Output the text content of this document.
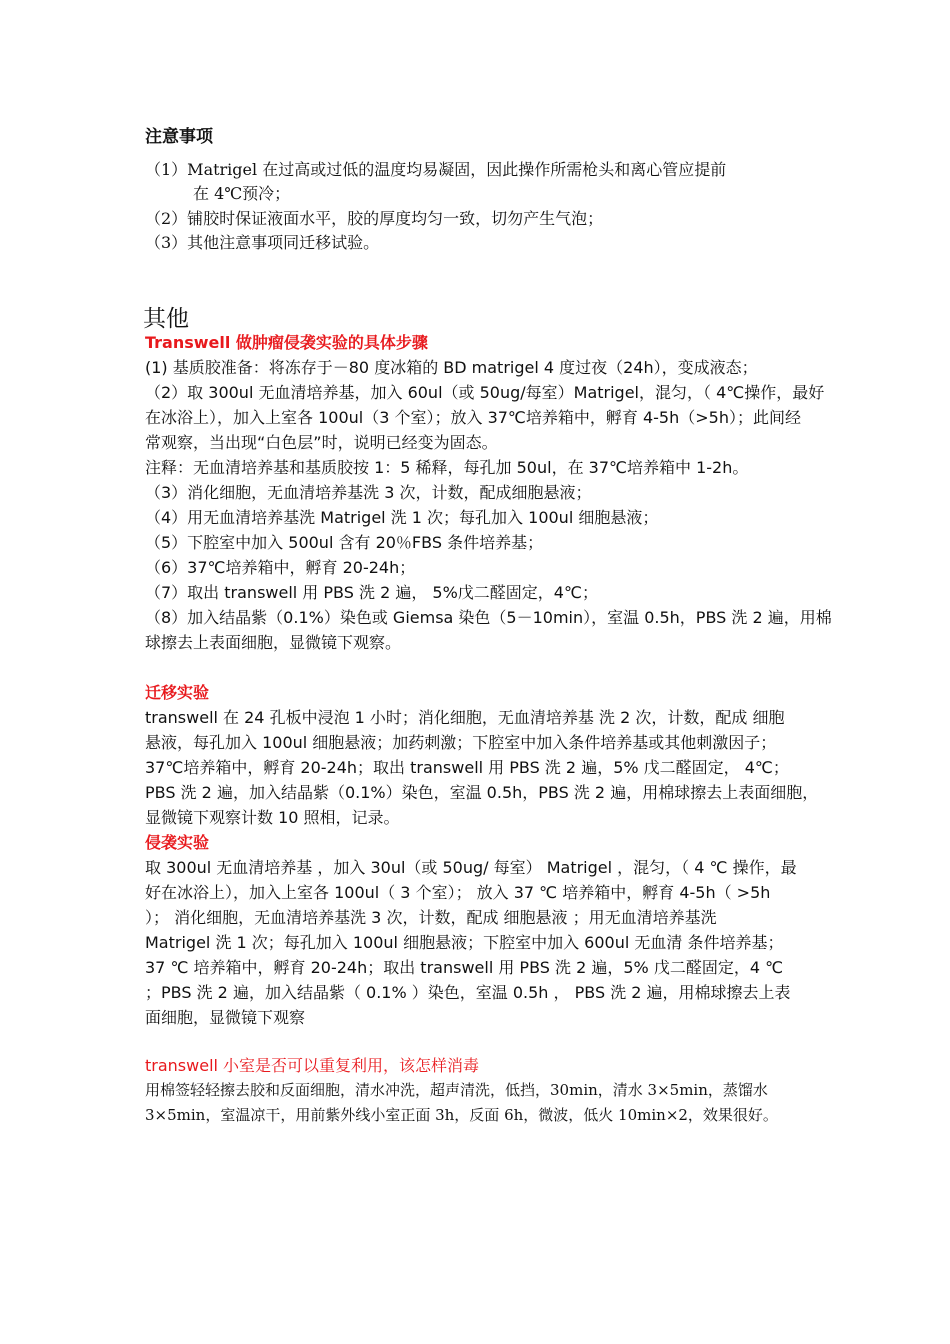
注意事项
（1）Matrigel 在过高或过低的温度均易凝固，因此操作所需枪头和离心管应提前
在 4℃预冷；
（2）铺胶时保证液面水平，胶的厚度均匀一致，切勿产生气泡；
（3）其他注意事项同迁移试验。
其他
Transwell 做肿瘤侵袭实验的具体步骤
(1) 基质胶准备：将冻存于－80 度冰箱的 BD matrigel 4 度过夜（24h），变成液态；
（2）取 300ul 无血清培养基，加入 60ul（或 50ug/每室）Matrigel，混匀，（ 4℃操作，最好
在冰浴上），加入上室各 100ul（3 个室）；放入 37℃培养箱中，孵育 4-5h（>5h）；此间经
常观察，当出现“白色层”时，说明已经变为固态。
注释：无血清培养基和基质胶按 1：5 稀释，每孔加 50ul，在 37℃培养箱中 1-2h。
（3）消化细胞，无血清培养基洗 3 次，计数，配成细胞悬液；
（4）用无血清培养基洗 Matrigel 洗 1 次；每孔加入 100ul 细胞悬液；
（5）下腔室中加入 500ul 含有 20％FBS 条件培养基；
（6）37℃培养箱中，孵育 20-24h；
（7）取出 transwell 用 PBS 洗 2 遍， 5%戊二醛固定，4℃；
（8）加入结晶紫（0.1%）染色或 Giemsa 染色（5－10min），室温 0.5h，PBS 洗 2 遍，用棉
球擦去上表面细胞，显微镜下观察。
迁移实验
transwell 在 24 孔板中浸泡 1 小时；消化细胞，无血清培养基 洗 2 次，计数，配成 细胞
悬液，每孔加入 100ul 细胞悬液；加药刺激；下腔室中加入条件培养基或其他刺激因子；
37℃培养箱中，孵育 20-24h；取出 transwell 用 PBS 洗 2 遍，5% 戊二醛固定， 4℃；
PBS 洗 2 遍，加入结晶紫（0.1%）染色，室温 0.5h，PBS 洗 2 遍，用棉球擦去上表面细胞，
显微镜下观察计数 10 照相，记录。
侵袭实验
取 300ul 无血清培养基 ，加入 30ul（或 50ug/ 每室） Matrigel ，混匀，（ 4 ℃ 操作，最
好在冰浴上），加入上室各 100ul（ 3 个室）； 放入 37 ℃ 培养箱中，孵育 4-5h（ >5h
）； 消化细胞，无血清培养基洗 3 次，计数，配成 细胞悬液 ；用无血清培养基洗
Matrigel 洗 1 次；每孔加入 100ul 细胞悬液；下腔室中加入 600ul 无血清 条件培养基；
37 ℃ 培养箱中，孵育 20-24h；取出 transwell 用 PBS 洗 2 遍，5% 戊二醛固定，4 ℃
；PBS 洗 2 遍，加入结晶紫（ 0.1% ）染色，室温 0.5h ， PBS 洗 2 遍，用棉球擦去上表
面细胞，显微镜下观察
transwell 小室是否可以重复利用，该怎样消毒
用棉签轻轻擦去胶和反面细胞，清水冲洗，超声清洗，低挡，30min，清水 3×5min，蒸馏水
3×5min，室温凉干，用前紫外线小室正面 3h，反面 6h，微波，低火 10min×2，效果很好。
